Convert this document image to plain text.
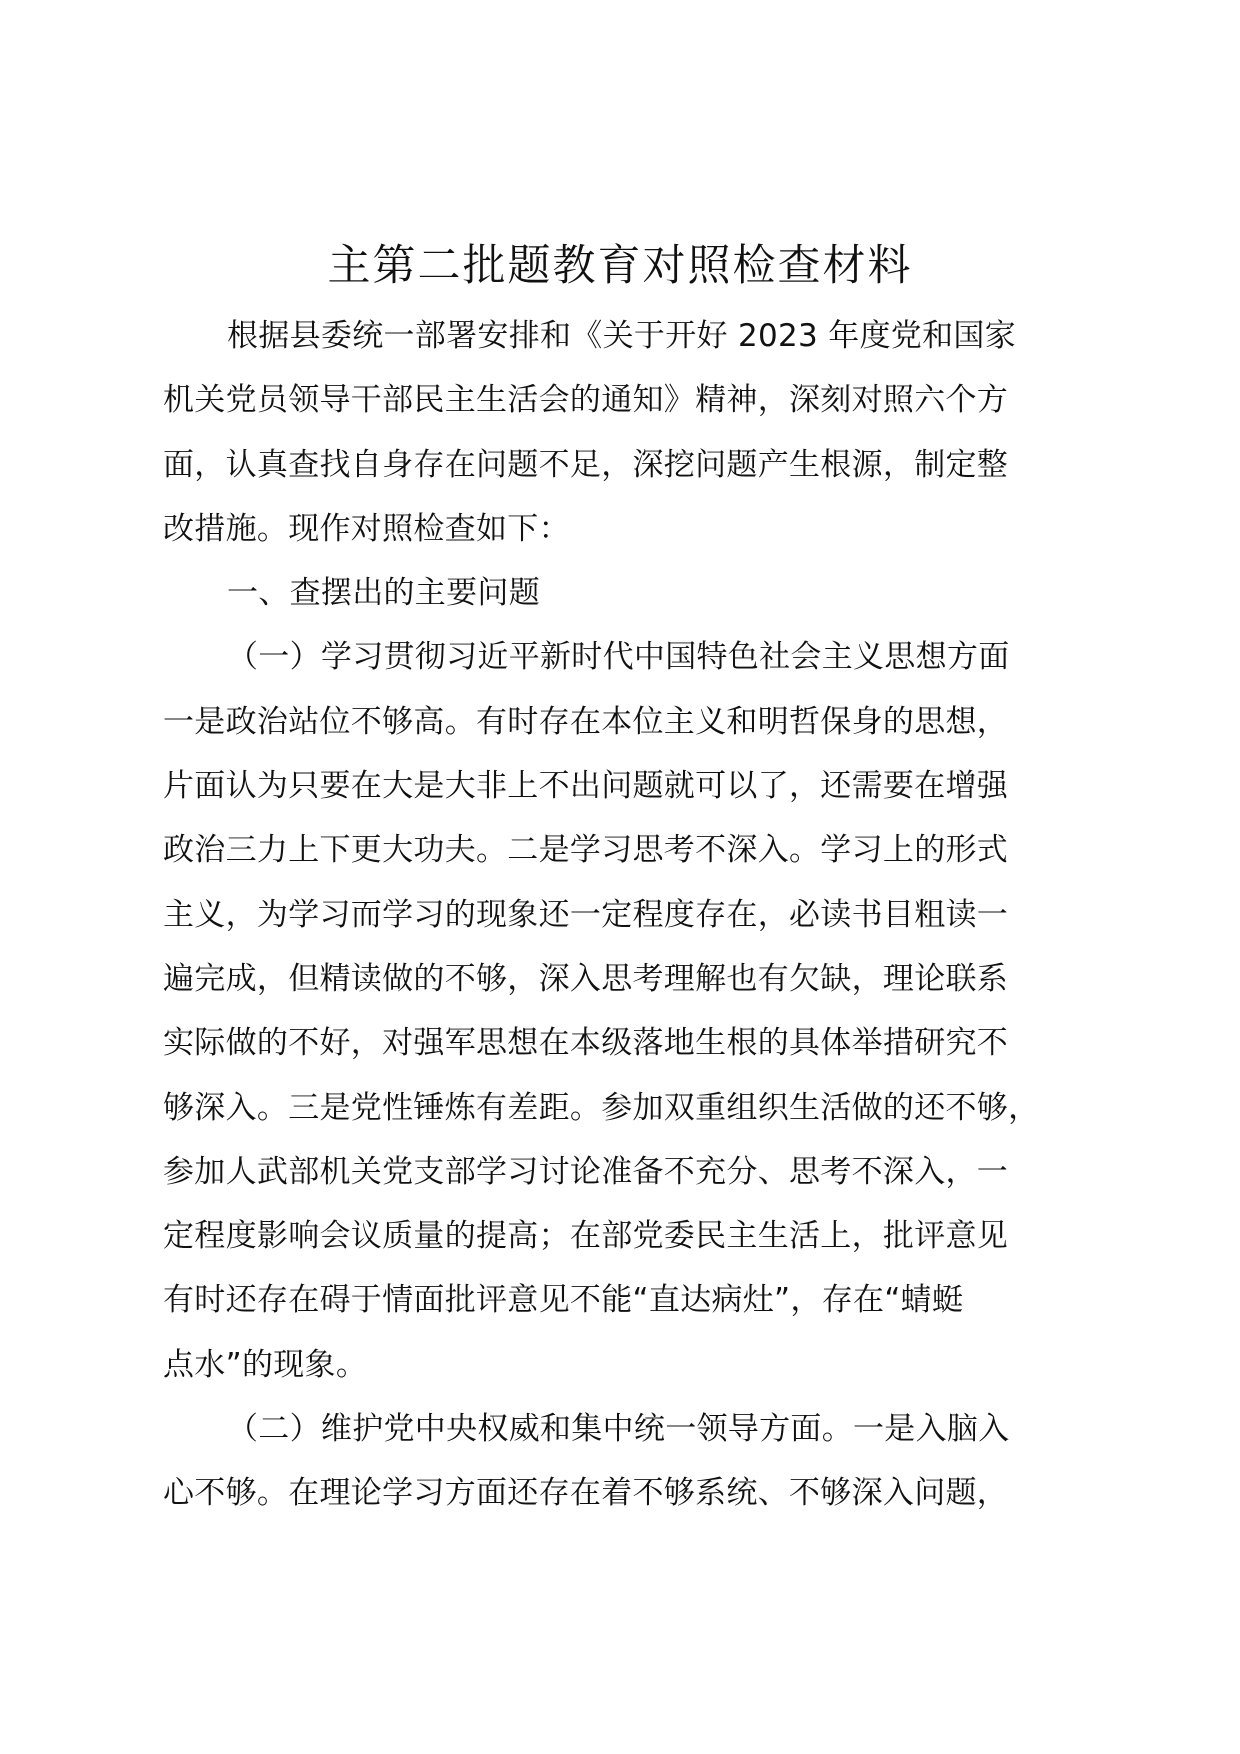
主第二批题教育对照检查材料
根据县委统一部署安排和《关于开好 2023 年度党和国家
机关党员领导干部民主生活会的通知》精神，深刻对照六个方
面，认真查找自身存在问题不足，深挖问题产生根源，制定整
改措施。现作对照检查如下：
一、查摆出的主要问题
（一）学习贯彻习近平新时代中国特色社会主义思想方面
一是政治站位不够高。有时存在本位主义和明哲保身的思想，
片面认为只要在大是大非上不出问题就可以了，还需要在增强
政治三力上下更大功夫。二是学习思考不深入。学习上的形式
主义，为学习而学习的现象还一定程度存在，必读书目粗读一
遍完成，但精读做的不够，深入思考理解也有欠缺，理论联系
实际做的不好，对强军思想在本级落地生根的具体举措研究不
够深入。三是党性锤炼有差距。参加双重组织生活做的还不够，
参加人武部机关党支部学习讨论准备不充分、思考不深入，一
定程度影响会议质量的提高；在部党委民主生活上，批评意见
有时还存在碍于情面批评意见不能“直达病灶”，存在“蜻蜓
点水”的现象。
（二）维护党中央权威和集中统一领导方面。一是入脑入
心不够。在理论学习方面还存在着不够系统、不够深入问题，
